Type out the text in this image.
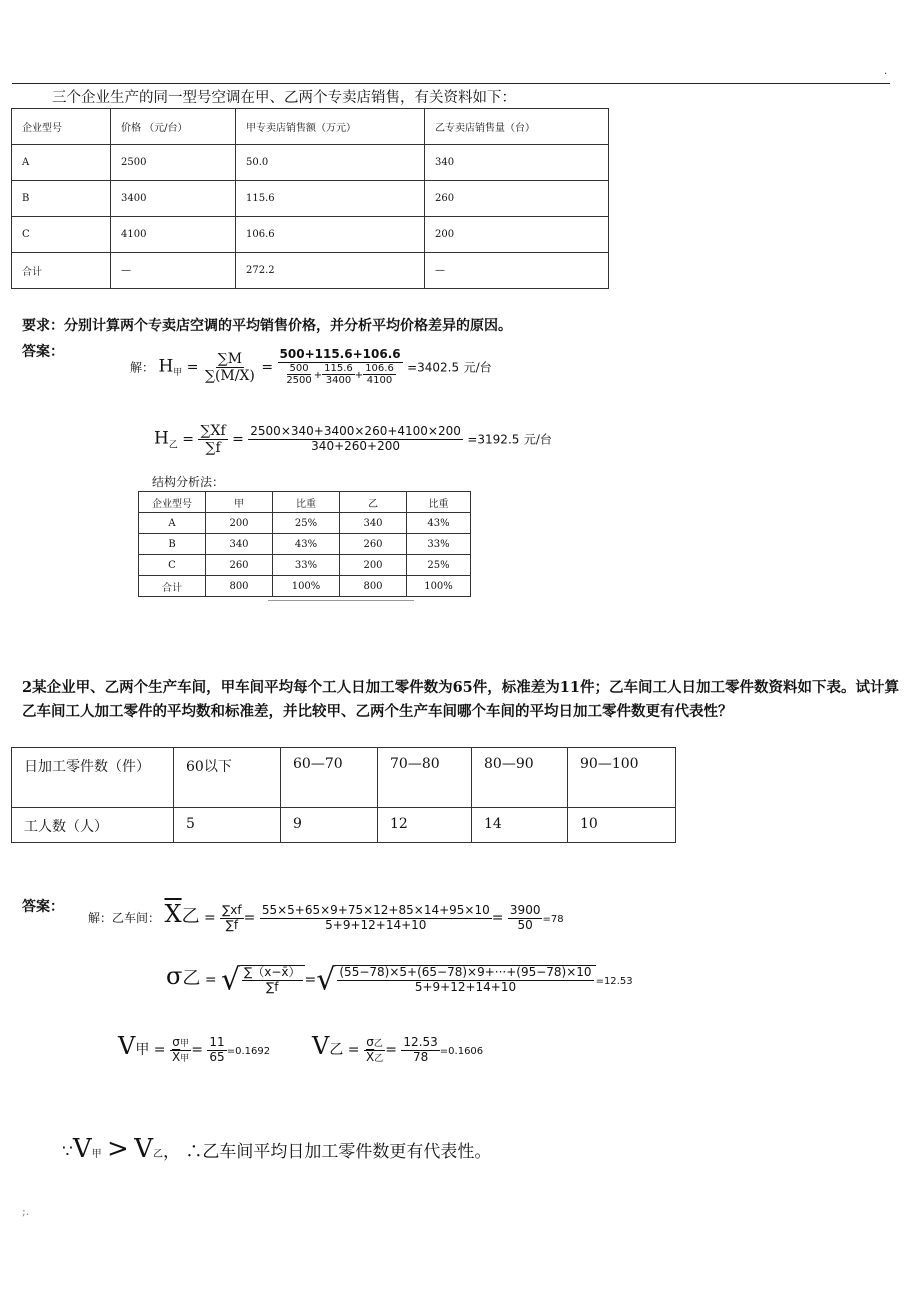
.
三个企业生产的同一型号空调在甲、乙两个专卖店销售，有关资料如下：
企业型号	价格 （元/台）	甲专卖店销售额（万元）	乙专卖店销售量（台）
A	2500	50.0	340
B	3400	115.6	260
C	4100	106.6	200
合计	—	272.2	—
要求：分别计算两个专卖店空调的平均销售价格，并分析平均价格差异的原因。
答案：
解： $H_甲 = \frac{\sum M}{\sum(M/X)} = \frac{500+115.6+106.6}{\frac{500}{2500} + \frac{115.6}{3400} + \frac{106.6}{4100}} =3402.5$ 元/台
$H_乙 = \frac{\sum Xf}{\sum f} = \frac{2500\times 340+3400\times 260+4100\times 200}{340+260+200} =3192.5$ 元/台
结构分析法：
企业型号	甲	比重	乙	比重
A	200	25%	340	43%
B	340	43%	260	33%
C	260	33%	200	25%
合计	800	100%	800	100%
2某企业甲、乙两个生产车间，甲车间平均每个工人日加工零件数为65件，标准差为11件；乙车间工人日加工零件数资料如下表。试计算乙车间工人加工零件的平均数和标准差，并比较甲、乙两个生产车间哪个车间的平均日加工零件数更有代表性？
日加工零件数（件）	60以下	60—70	70—80	80—90	90—100
工人数（人）	5	9	12	14	10
答案：
解：乙车间： $\overline{X}$乙 = $\frac{\sum xf}{\sum f} = \frac{55\times 5+65\times 9+75\times 12+85\times 14+95\times 10}{5+9+12+14+10} = \frac{3900}{50} =78$
σ乙 = √ $\frac{\sum(x-x̄)}{\sum f}$ =√ $\frac{(55-78)\times 5+(65-78)\times 9+\cdot\cdot\cdot+(95-78)\times 10}{5+9+12+14+10} =12.53$
V甲 = $\frac{\text{σ甲}}{\overline{X}甲} = \frac{11}{65} =0.1692$ V乙 = $\frac{\text{σ乙}}{\overline{X}乙} = \frac{12.53}{78} =0.1606$
∵V甲 > V乙， ∴乙车间平均日加工零件数更有代表性。
;.
